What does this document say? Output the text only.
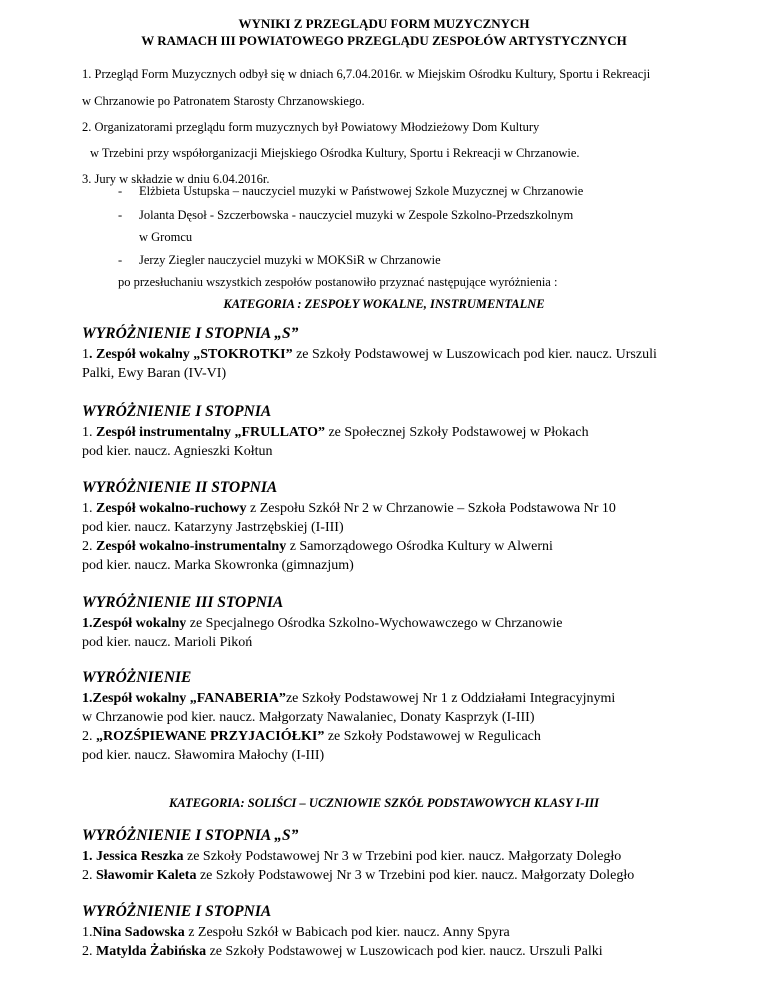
WYNIKI Z PRZEGLĄDU FORM MUZYCZNYCH

W RAMACH III POWIATOWEGO PRZEGLĄDU ZESPOŁÓW ARTYSTYCZNYCH

1. Przegląd Form Muzycznych odbył się w dniach 6,7.04.2016r. w Miejskim Ośrodku Kultury, Sportu i Rekreacji
w Chrzanowie po Patronatem Starosty Chrzanowskiego.
2. Organizatorami przeglądu form muzycznych był Powiatowy Młodzieżowy Dom Kultury
w Trzebini przy współorganizacji Miejskiego Ośrodka Kultury, Sportu i Rekreacji w Chrzanowie.
3. Jury w składzie w dniu 6.04.2016r.
- Elżbieta Ustupska – nauczyciel muzyki w Państwowej Szkole Muzycznej w Chrzanowie
- Jolanta Dęsoł - Szczerbowska - nauczyciel muzyki w Zespole Szkolno-Przedszkolnym
w Gromcu
- Jerzy Ziegler nauczyciel muzyki w MOKSiR w Chrzanowie
po przesłuchaniu wszystkich zespołów postanowiło przyznać następujące wyróżnienia :
KATEGORIA : ZESPOŁY WOKALNE, INSTRUMENTALNE
WYRÓŻNIENIE I STOPNIA „S”
1. Zespół wokalny „STOKROTKI” ze Szkoły Podstawowej w Luszowicach pod kier. naucz. Urszuli
Palki, Ewy Baran (IV-VI)
WYRÓŻNIENIE I STOPNIA
1. Zespół instrumentalny „FRULLATO” ze Społecznej Szkoły Podstawowej w Płokach
pod kier. naucz. Agnieszki Kołtun
WYRÓŻNIENIE II STOPNIA
1. Zespół wokalno-ruchowy z Zespołu Szkół Nr 2 w Chrzanowie – Szkoła Podstawowa Nr 10
pod kier. naucz. Katarzyny Jastrzębskiej (I-III)
2. Zespół wokalno-instrumentalny z Samorządowego Ośrodka Kultury w Alwerni
pod kier. naucz. Marka Skowronka (gimnazjum)
WYRÓŻNIENIE III STOPNIA
1.Zespół wokalny ze Specjalnego Ośrodka Szkolno-Wychowawczego w Chrzanowie
pod kier. naucz. Marioli Pikoń
WYRÓŻNIENIE
1.Zespół wokalny „FANABERIA”ze Szkoły Podstawowej Nr 1 z Oddziałami Integracyjnymi
w Chrzanowie pod kier. naucz. Małgorzaty Nawalaniec, Donaty Kasprzyk (I-III)
2. „ROZŚPIEWANE PRZYJACIÓŁKI” ze Szkoły Podstawowej w Regulicach
pod kier. naucz. Sławomira Małochy (I-III)
KATEGORIA: SOLIŚCI – UCZNIOWIE SZKÓŁ PODSTAWOWYCH KLASY I-III
WYRÓŻNIENIE I STOPNIA „S”
1. Jessica Reszka ze Szkoły Podstawowej Nr 3 w Trzebini pod kier. naucz. Małgorzaty Doległo
2. Sławomir Kaleta ze Szkoły Podstawowej Nr 3 w Trzebini pod kier. naucz. Małgorzaty Doległo
WYRÓŻNIENIE I STOPNIA
1.Nina Sadowska z Zespołu Szkół w Babicach pod kier. naucz. Anny Spyra
2. Matylda Żabińska ze Szkoły Podstawowej w Luszowicach pod kier. naucz. Urszuli Palki
